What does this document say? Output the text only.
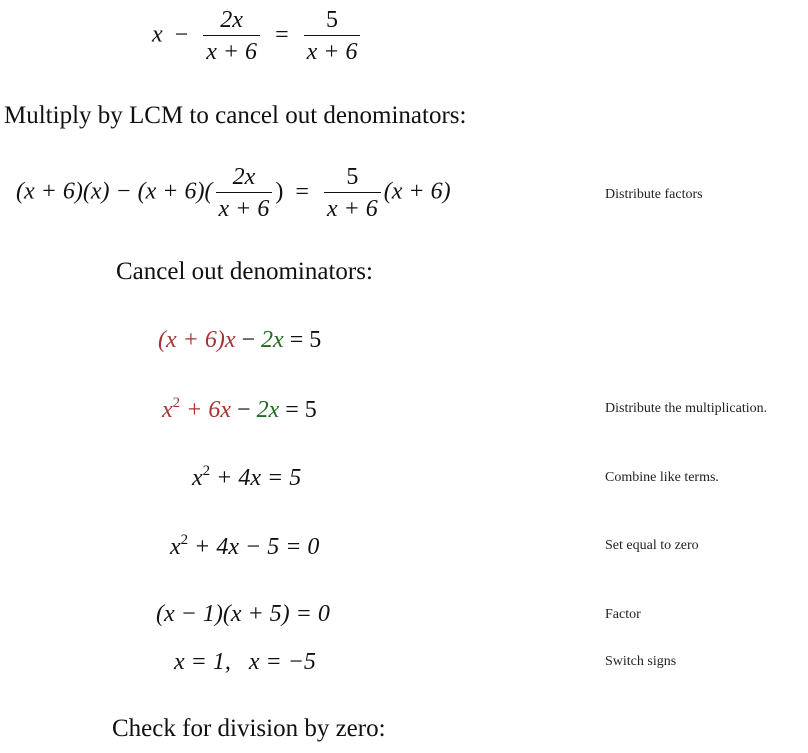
$x - \frac{2x}{x + 6} = \frac{5}{x + 6}$
Multiply by LCM to cancel out denominators:
$(x + 6)(x) - (x + 6)( \frac{2x}{x + 6}$ ) = $\frac{5}{x + 6} (x + 6)$	Distribute factors
Cancel out denominators:
(x + 6)x − 2x = 5
$x^2 + 6x - 2x = 5$	Distribute the multiplication.
$x^2 + 4x = 5$	Combine like terms.
$x^2 + 4x - 5 = 0$	Set equal to zero
(x − 1)(x + 5) = 0	Factor
x = 1,   x = −5	Switch signs
Check for division by zero:
